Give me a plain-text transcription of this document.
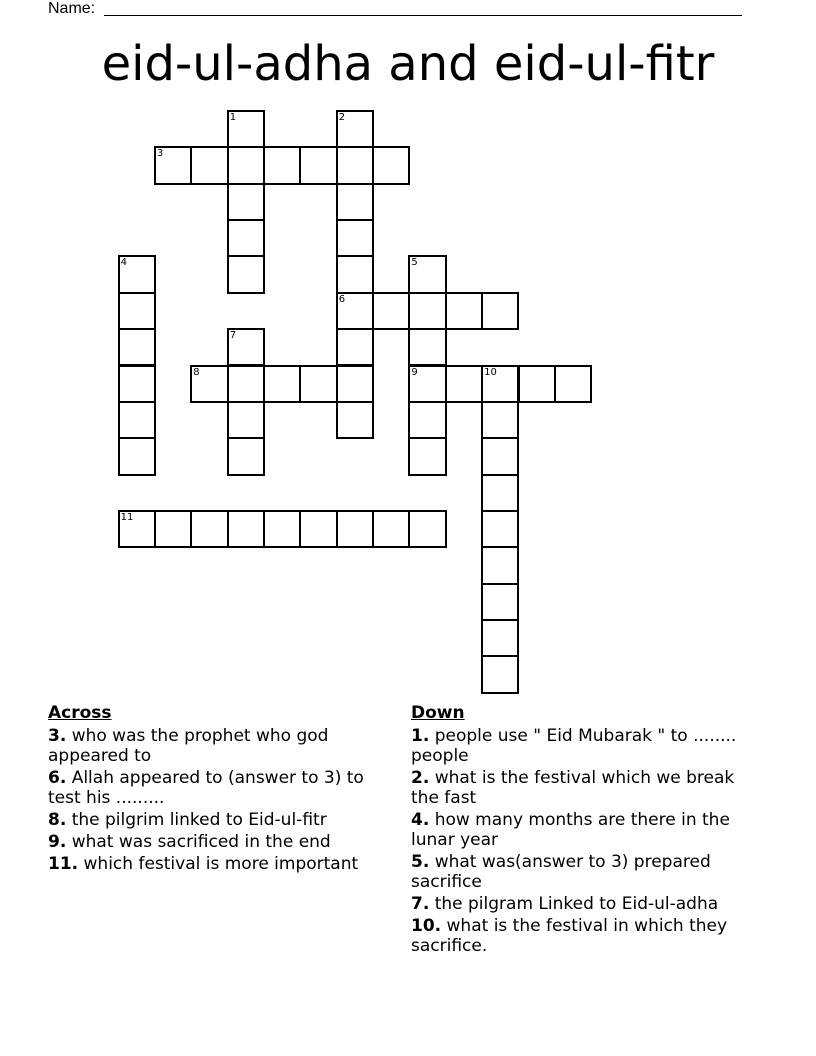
Name:
eid-ul-adha and eid-ul-fitr
1	2
6
3
4	5
9
7
8	10
11
Across
3. who was the prophet who god appeared to
6. Allah appeared to (answer to 3) to test his .........
8. the pilgrim linked to Eid-ul-fitr
9. what was sacrificed in the end
11. which festival is more important
Down
1. people use " Eid Mubarak " to ........ people
2. what is the festival which we break the fast
4. how many months are there in the lunar year
5. what was(answer to 3) prepared sacrifice
7. the pilgram Linked to Eid-ul-adha
10. what is the festival in which they sacrifice.
